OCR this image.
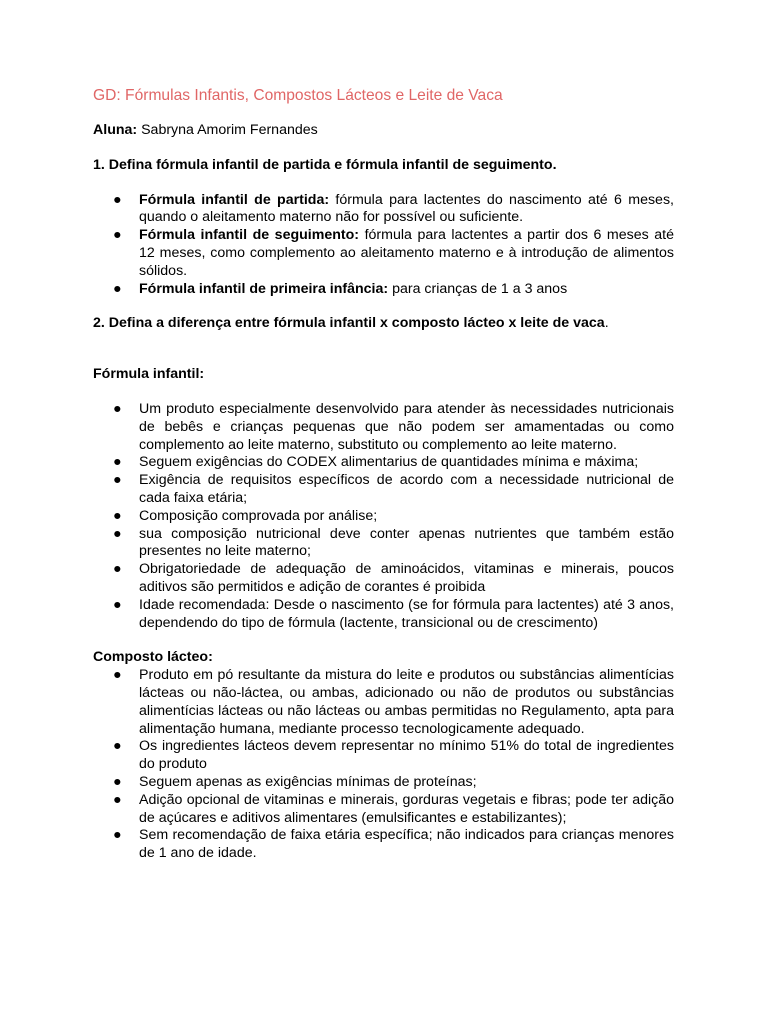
GD: Fórmulas Infantis, Compostos Lácteos e Leite de Vaca

Aluna: Sabryna Amorim Fernandes

1. Defina fórmula infantil de partida e fórmula infantil de seguimento.

● Fórmula infantil de partida: fórmula para lactentes do nascimento até 6 meses, quando o aleitamento materno não for possível ou suficiente.
● Fórmula infantil de seguimento: fórmula para lactentes a partir dos 6 meses até 12 meses, como complemento ao aleitamento materno e à introdução de alimentos sólidos.
● Fórmula infantil de primeira infância: para crianças de 1 a 3 anos

2. Defina a diferença entre fórmula infantil x composto lácteo x leite de vaca.

Fórmula infantil:

● Um produto especialmente desenvolvido para atender às necessidades nutricionais de bebês e crianças pequenas que não podem ser amamentadas ou como complemento ao leite materno, substituto ou complemento ao leite materno.
● Seguem exigências do CODEX alimentarius de quantidades mínima e máxima;
● Exigência de requisitos específicos de acordo com a necessidade nutricional de cada faixa etária;
● Composição comprovada por análise;
● sua composição nutricional deve conter apenas nutrientes que também estão presentes no leite materno;
● Obrigatoriedade de adequação de aminoácidos, vitaminas e minerais, poucos aditivos são permitidos e adição de corantes é proibida
● Idade recomendada: Desde o nascimento (se for fórmula para lactentes) até 3 anos, dependendo do tipo de fórmula (lactente, transicional ou de crescimento)

Composto lácteo:

● Produto em pó resultante da mistura do leite e produtos ou substâncias alimentícias lácteas ou não-láctea, ou ambas, adicionado ou não de produtos ou substâncias alimentícias lácteas ou não lácteas ou ambas permitidas no Regulamento, apta para alimentação humana, mediante processo tecnologicamente adequado.
● Os ingredientes lácteos devem representar no mínimo 51% do total de ingredientes do produto
● Seguem apenas as exigências mínimas de proteínas;
● Adição opcional de vitaminas e minerais, gorduras vegetais e fibras; pode ter adição de açúcares e aditivos alimentares (emulsificantes e estabilizantes);
● Sem recomendação de faixa etária específica; não indicados para crianças menores de 1 ano de idade.
